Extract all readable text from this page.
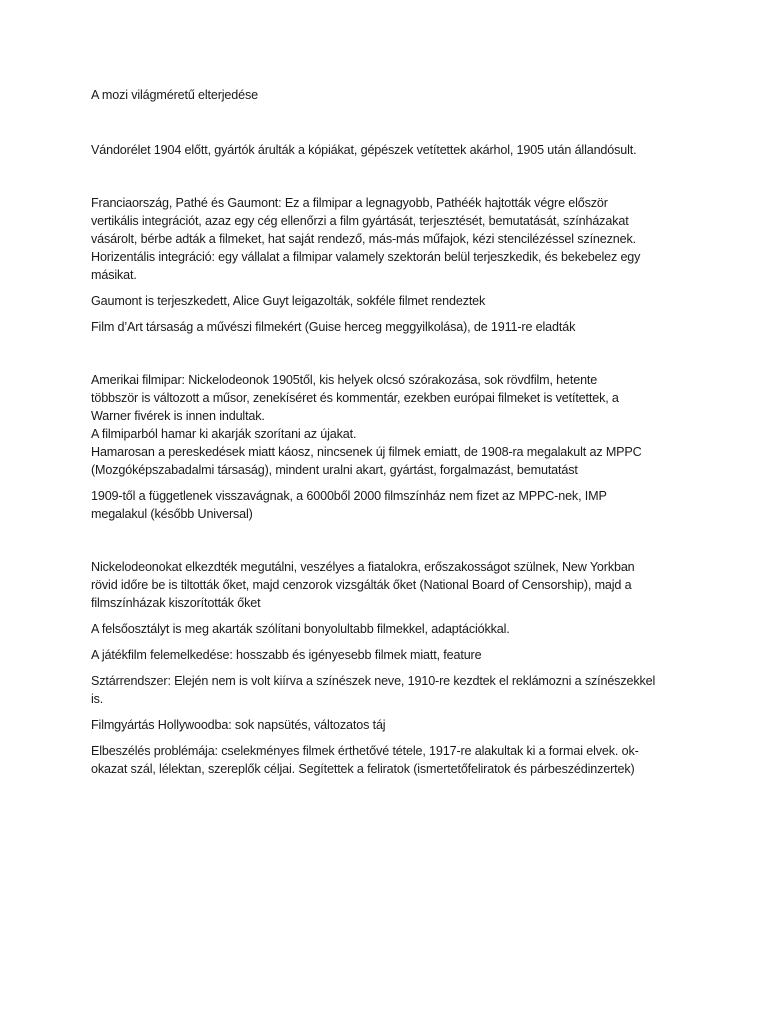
A mozi világméretű elterjedése

Vándorélet 1904 előtt, gyártók árulták a kópiákat, gépészek vetítettek akárhol, 1905 után állandósult.

Franciaország, Pathé és Gaumont: Ez a filmipar a legnagyobb, Pathéék hajtották végre először
vertikális integrációt, azaz egy cég ellenőrzi a film gyártását, terjesztését, bemutatását, színházakat
vásárolt, bérbe adták a filmeket, hat saját rendező, más-más műfajok, kézi stencilézéssel színeznek.
Horizentális integráció: egy vállalat a filmipar valamely szektorán belül terjeszkedik, és bekebelez egy
másikat.

Gaumont is terjeszkedett, Alice Guyt leigazolták, sokféle filmet rendeztek

Film d’Art társaság a művészi filmekért (Guise herceg meggyilkolása), de 1911-re eladták

Amerikai filmipar: Nickelodeonok 1905től, kis helyek olcsó szórakozása, sok rövdfilm, hetente
többször is változott a műsor, zenekíséret és kommentár, ezekben európai filmeket is vetítettek, a
Warner fivérek is innen indultak.
A filmiparból hamar ki akarják szorítani az újakat.
Hamarosan a pereskedések miatt káosz, nincsenek új filmek emiatt, de 1908-ra megalakult az MPPC
(Mozgóképszabadalmi társaság), mindent uralni akart, gyártást, forgalmazást, bemutatást

1909-től a függetlenek visszavágnak, a 6000ből 2000 filmszínház nem fizet az MPPC-nek, IMP
megalakul (később Universal)

Nickelodeonokat elkezdték megutálni, veszélyes a fiatalokra, erőszakosságot szülnek, New Yorkban
rövid időre be is tiltották őket, majd cenzorok vizsgálták őket (National Board of Censorship), majd a
filmszínházak kiszorították őket

A felsőosztályt is meg akarták szólítani bonyolultabb filmekkel, adaptációkkal.

A játékfilm felemelkedése: hosszabb és igényesebb filmek miatt, feature

Sztárrendszer: Elején nem is volt kiírva a színészek neve, 1910-re kezdtek el reklámozni a színészekkel
is.

Filmgyártás Hollywoodba: sok napsütés, változatos táj

Elbeszélés problémája: cselekményes filmek érthetővé tétele, 1917-re alakultak ki a formai elvek. ok-
okazat szál, lélektan, szereplők céljai. Segítettek a feliratok (ismertetőfeliratok és párbeszédinzertek)
